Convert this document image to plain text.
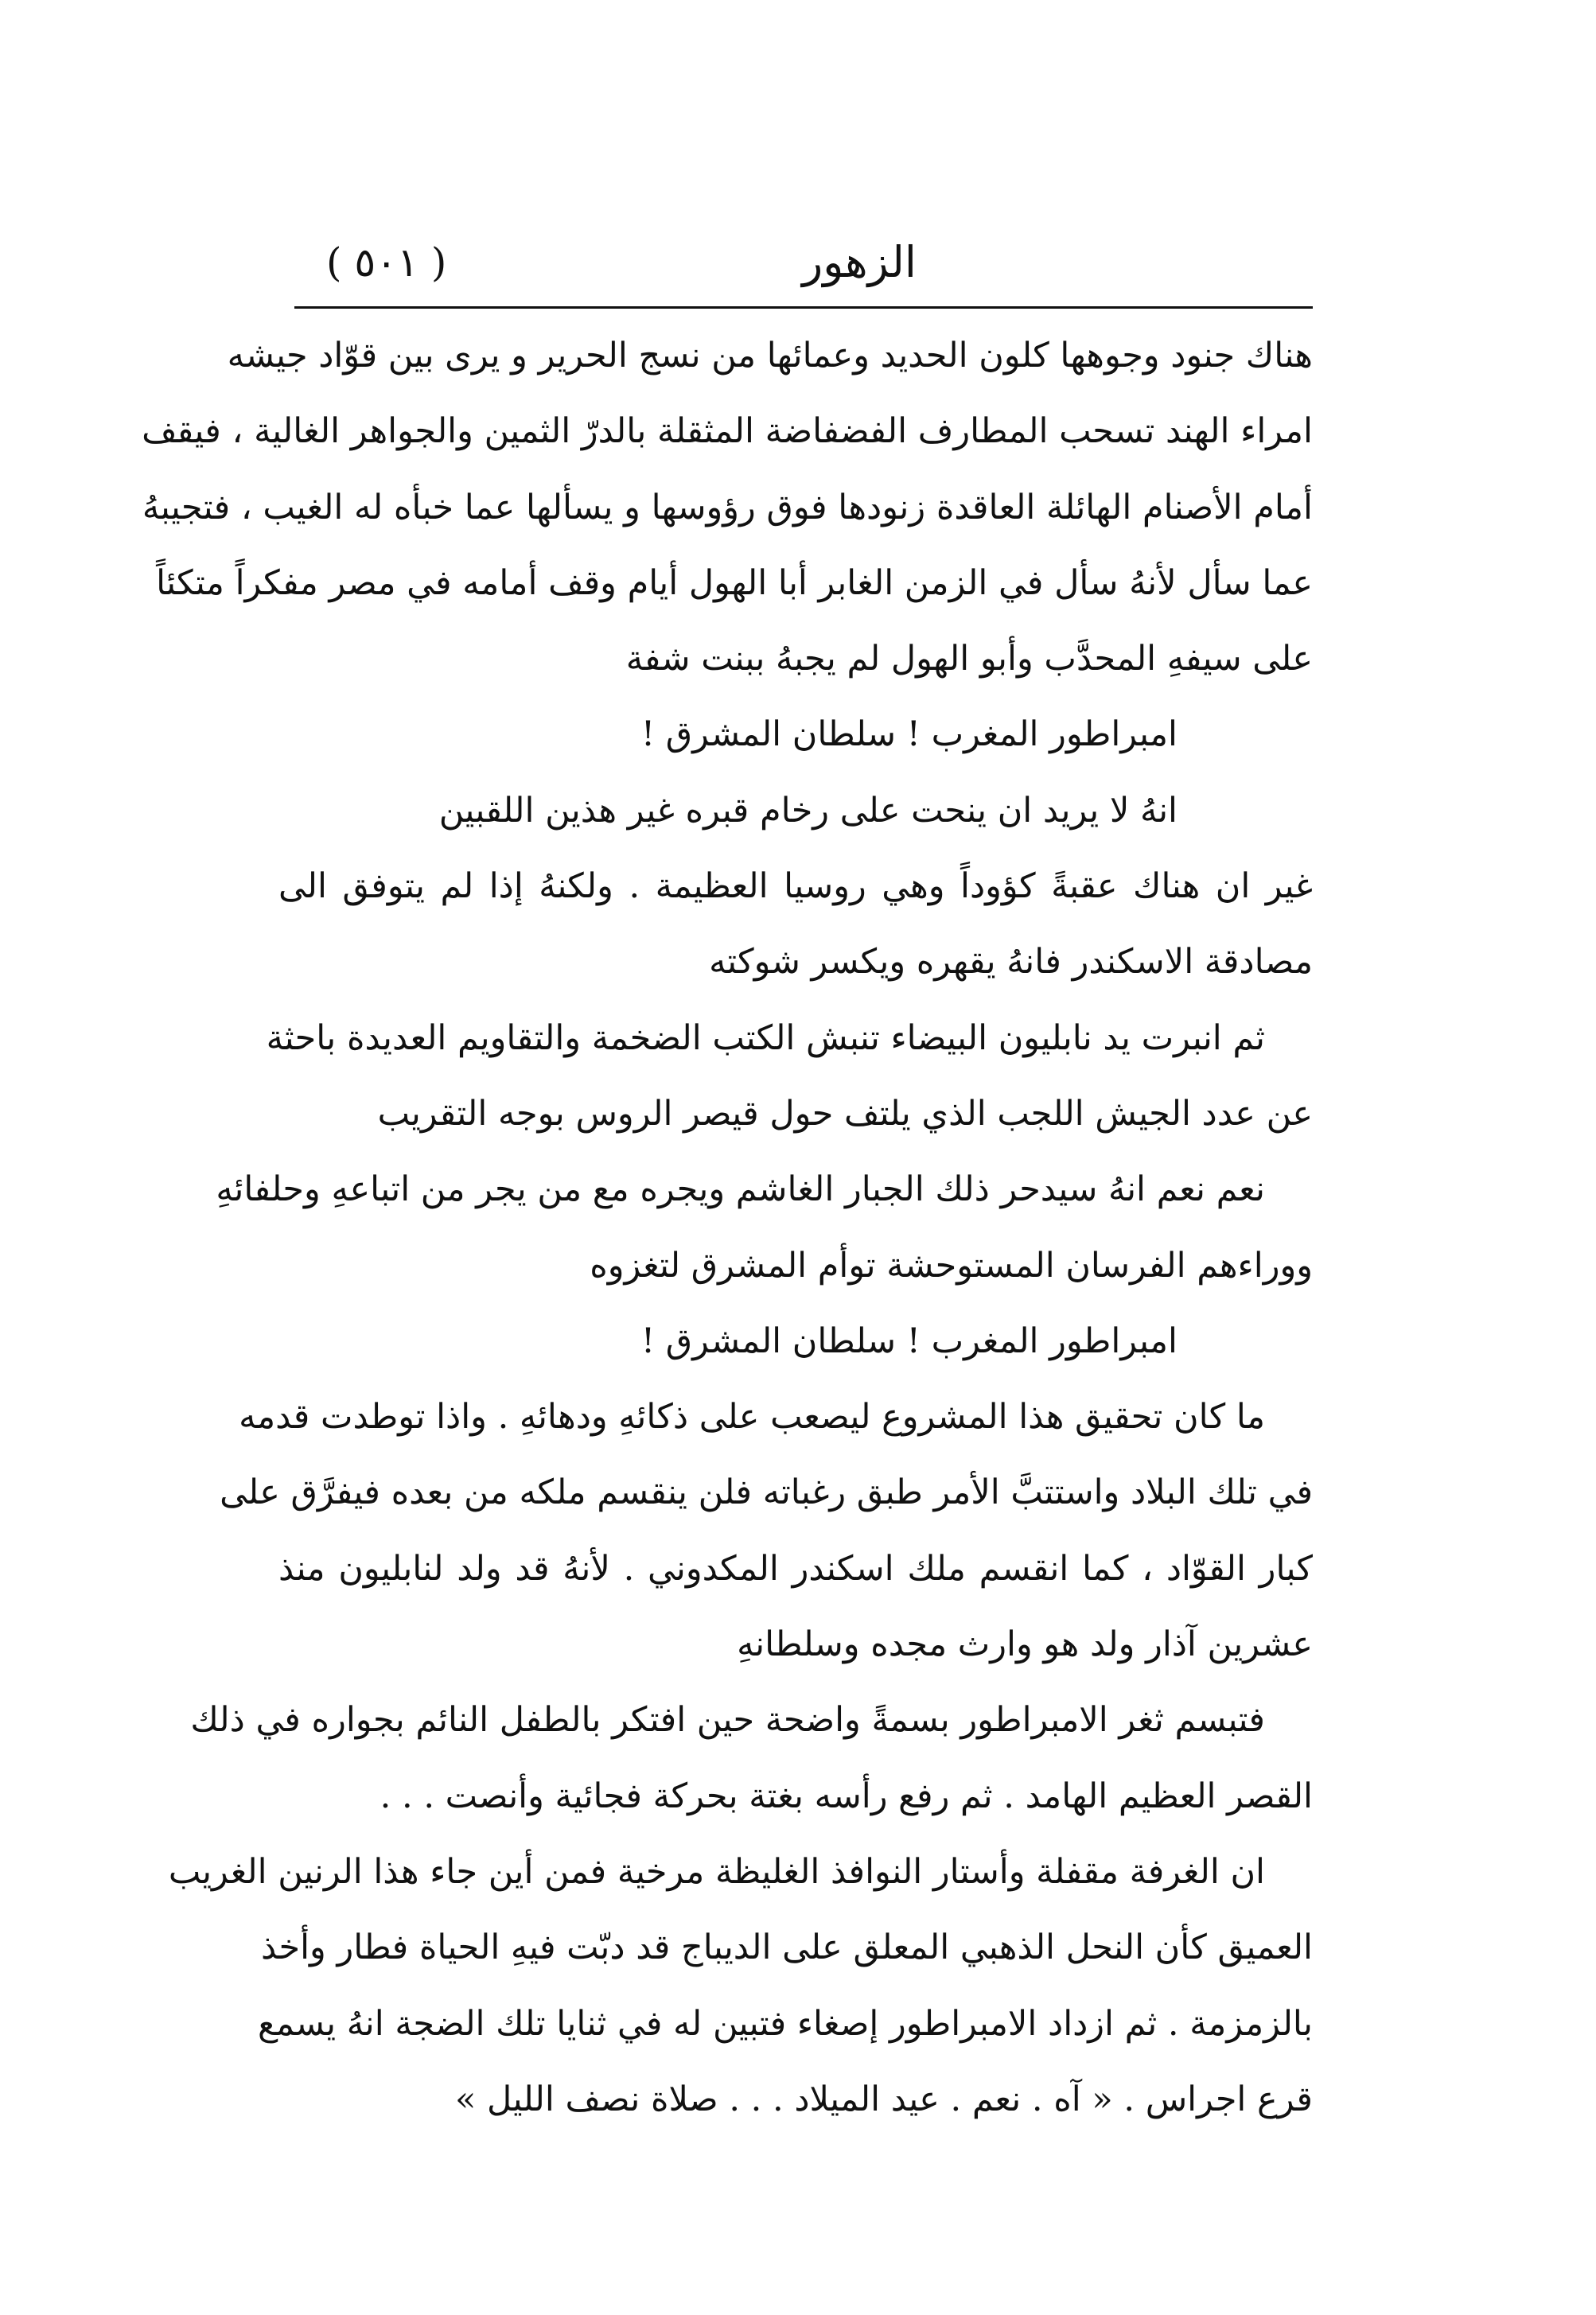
( ٥٠١ )	الزهور
هناك جنود وجوهها كلون الحديد وعمائها من نسج الحرير و يرى بين قوّاد جيشه
امراء الهند تسحب المطارف الفضفاضة المثقلة بالدرّ الثمين والجواهر الغالية ، فيقف
أمام الأصنام الهائلة العاقدة زنودها فوق رؤوسها و يسألها عما خبأه له الغيب ، فتجيبهُ
عما سأل لأنهُ سأل في الزمن الغابر أبا الهول أيام وقف أمامه في مصر مفكراً متكئاً
على سيفهِ المحدَّب وأبو الهول لم يجبهُ ببنت شفة
امبراطور المغرب ! سلطان المشرق !
انهُ لا يريد ان ينحت على رخام قبره غير هذين اللقبين
غير ان هناك عقبةً كؤوداً وهي روسيا العظيمة . ولكنهُ إذا لم يتوفق الى
مصادقة الاسكندر فانهُ يقهره ويكسر شوكته
ثم انبرت يد نابليون البيضاء تنبش الكتب الضخمة والتقاويم العديدة باحثة
عن عدد الجيش اللجب الذي يلتف حول قيصر الروس بوجه التقريب
نعم نعم انهُ سيدحر ذلك الجبار الغاشم ويجره مع من يجر من اتباعهِ وحلفائهِ
ووراءهم الفرسان المستوحشة توأم المشرق لتغزوه
امبراطور المغرب ! سلطان المشرق !
ما كان تحقيق هذا المشروع ليصعب على ذكائهِ ودهائهِ . واذا توطدت قدمه
في تلك البلاد واستتبَّ الأمر طبق رغباته فلن ينقسم ملكه من بعده فيفرَّق على
كبار القوّاد ، كما انقسم ملك اسكندر المكدوني . لأنهُ قد ولد لنابليون منذ
عشرين آذار ولد هو وارث مجده وسلطانهِ
فتبسم ثغر الامبراطور بسمةً واضحة حين افتكر بالطفل النائم بجواره في ذلك
القصر العظيم الهامد . ثم رفع رأسه بغتة بحركة فجائية وأنصت . . .
ان الغرفة مقفلة وأستار النوافذ الغليظة مرخية فمن أين جاء هذا الرنين الغريب
العميق كأن النحل الذهبي المعلق على الديباج قد دبّت فيهِ الحياة فطار وأخذ
بالزمزمة . ثم ازداد الامبراطور إصغاء فتبين له في ثنايا تلك الضجة انهُ يسمع
قرع اجراس . « آه . نعم . عيد الميلاد . . . صلاة نصف الليل »
